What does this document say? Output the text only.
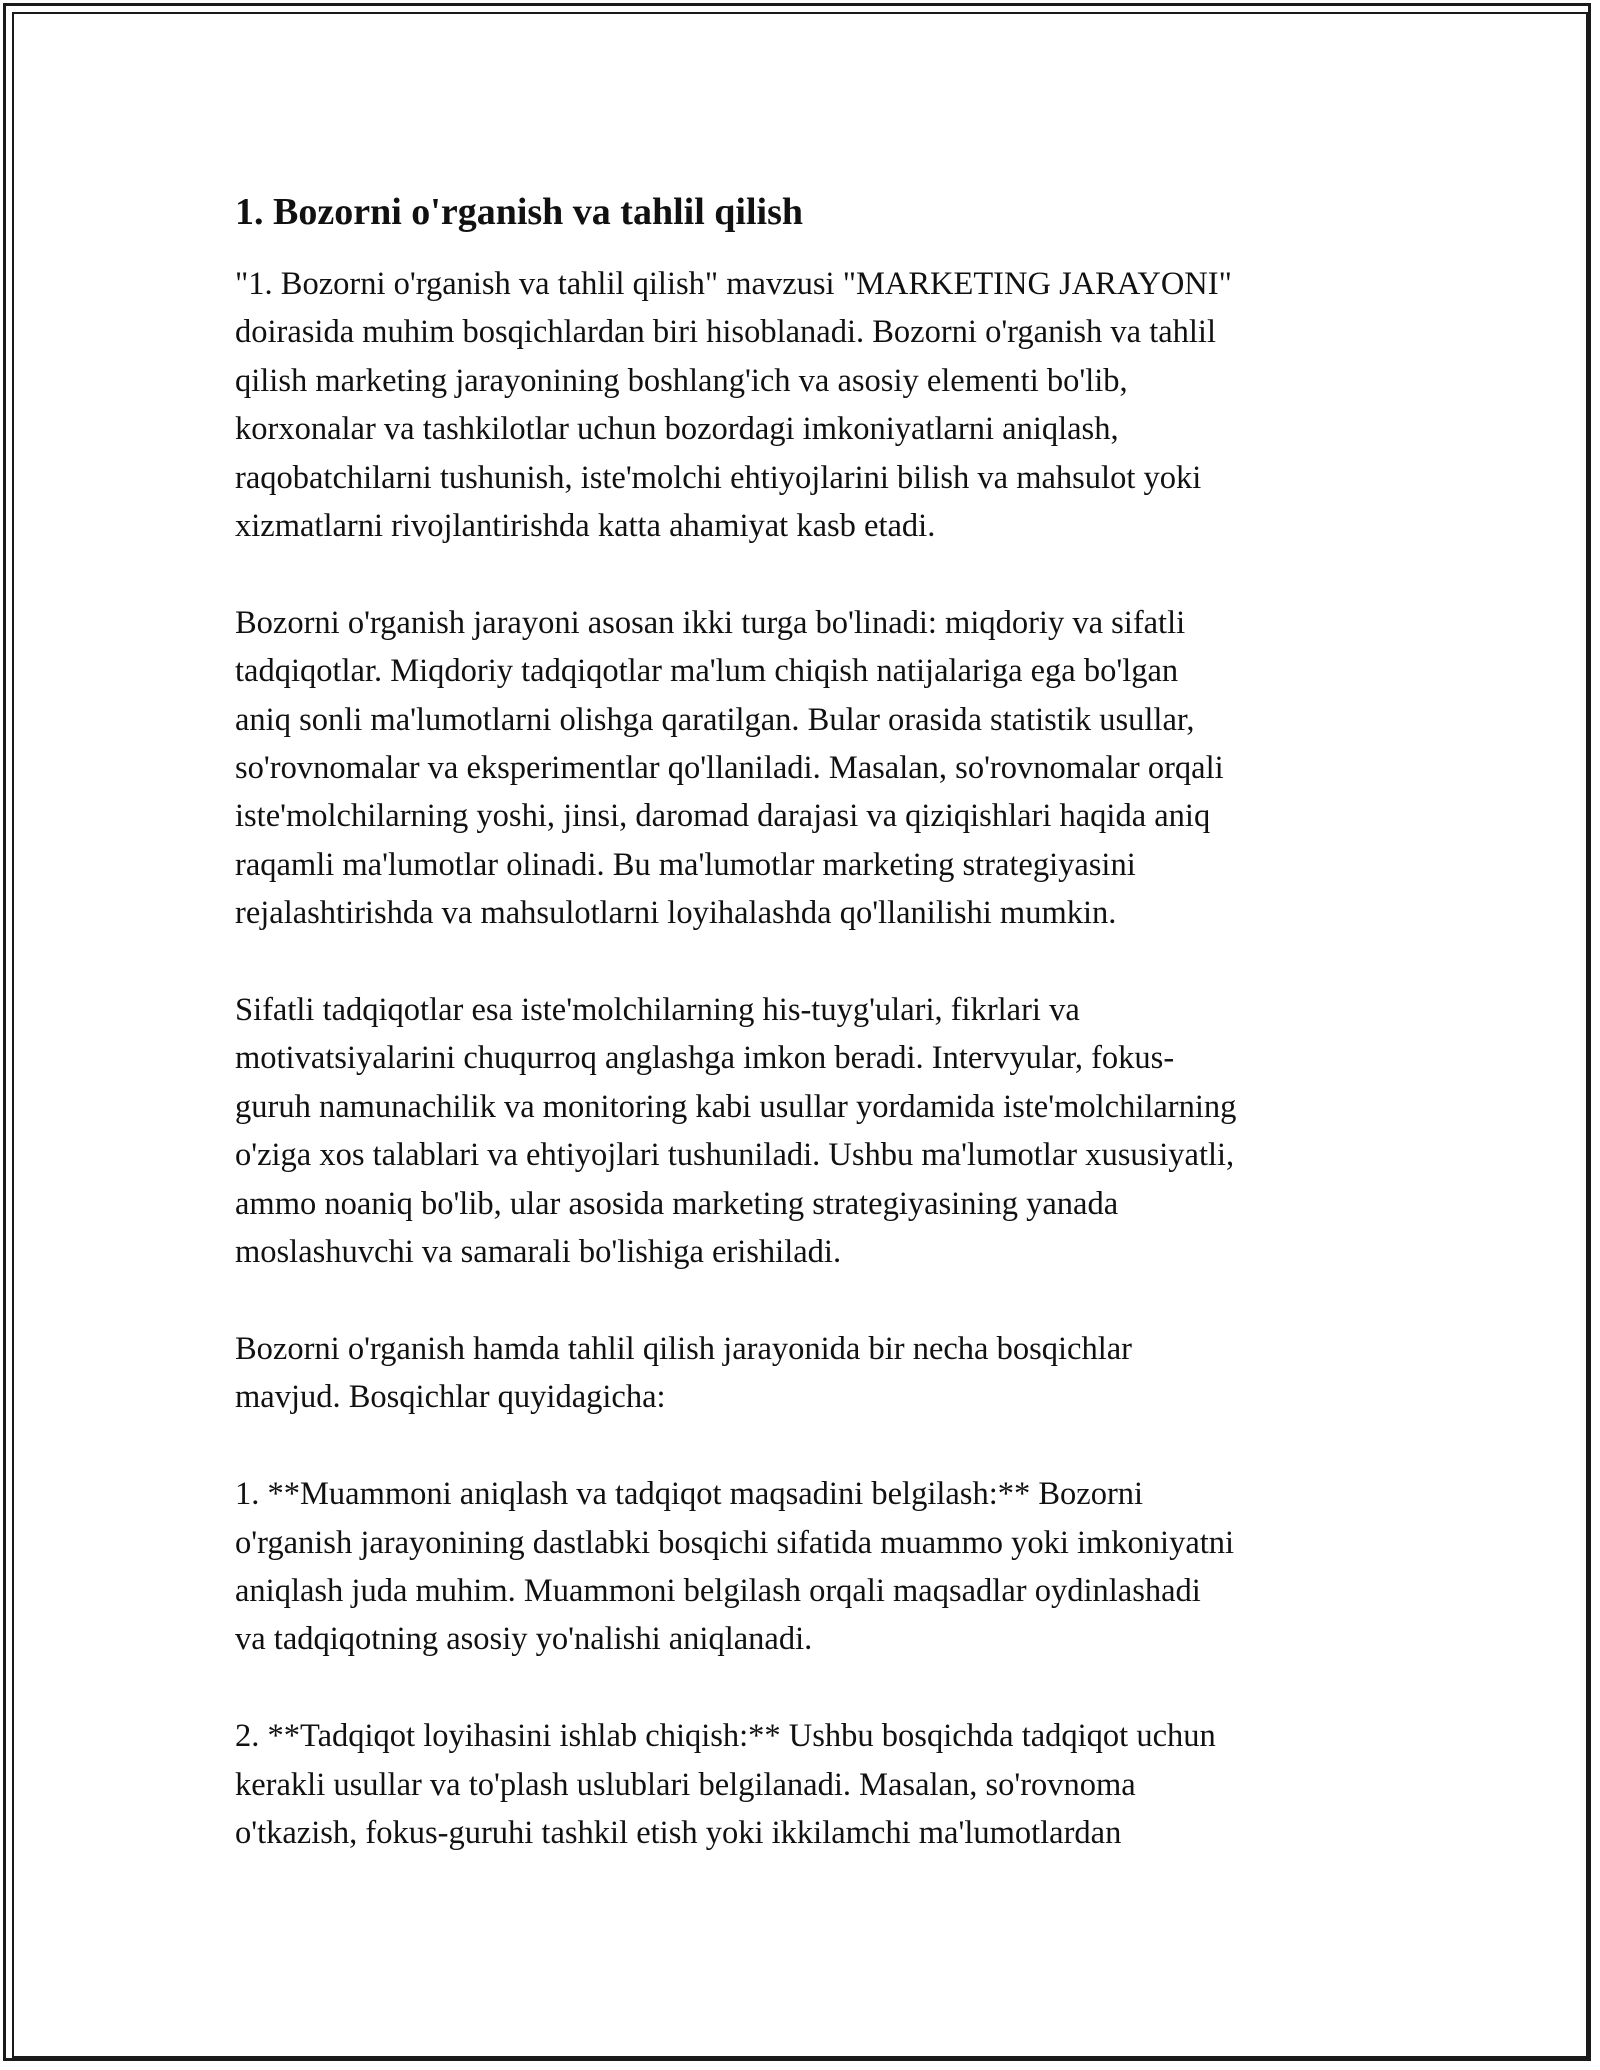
1. Bozorni o'rganish va tahlil qilish

"1. Bozorni o'rganish va tahlil qilish" mavzusi "MARKETING JARAYONI"
doirasida muhim bosqichlardan biri hisoblanadi. Bozorni o'rganish va tahlil
qilish marketing jarayonining boshlang'ich va asosiy elementi bo'lib,
korxonalar va tashkilotlar uchun bozordagi imkoniyatlarni aniqlash,
raqobatchilarni tushunish, iste'molchi ehtiyojlarini bilish va mahsulot yoki
xizmatlarni rivojlantirishda katta ahamiyat kasb etadi.

Bozorni o'rganish jarayoni asosan ikki turga bo'linadi: miqdoriy va sifatli
tadqiqotlar. Miqdoriy tadqiqotlar ma'lum chiqish natijalariga ega bo'lgan
aniq sonli ma'lumotlarni olishga qaratilgan. Bular orasida statistik usullar,
so'rovnomalar va eksperimentlar qo'llaniladi. Masalan, so'rovnomalar orqali
iste'molchilarning yoshi, jinsi, daromad darajasi va qiziqishlari haqida aniq
raqamli ma'lumotlar olinadi. Bu ma'lumotlar marketing strategiyasini
rejalashtirishda va mahsulotlarni loyihalashda qo'llanilishi mumkin.

Sifatli tadqiqotlar esa iste'molchilarning his-tuyg'ulari, fikrlari va
motivatsiyalarini chuqurroq anglashga imkon beradi. Intervyular, fokus-
guruh namunachilik va monitoring kabi usullar yordamida iste'molchilarning
o'ziga xos talablari va ehtiyojlari tushuniladi. Ushbu ma'lumotlar xususiyatli,
ammo noaniq bo'lib, ular asosida marketing strategiyasining yanada
moslashuvchi va samarali bo'lishiga erishiladi.

Bozorni o'rganish hamda tahlil qilish jarayonida bir necha bosqichlar
mavjud. Bosqichlar quyidagicha:

1. **Muammoni aniqlash va tadqiqot maqsadini belgilash:** Bozorni
o'rganish jarayonining dastlabki bosqichi sifatida muammo yoki imkoniyatni
aniqlash juda muhim. Muammoni belgilash orqali maqsadlar oydinlashadi
va tadqiqotning asosiy yo'nalishi aniqlanadi.

2. **Tadqiqot loyihasini ishlab chiqish:** Ushbu bosqichda tadqiqot uchun
kerakli usullar va to'plash uslublari belgilanadi. Masalan, so'rovnoma
o'tkazish, fokus-guruhi tashkil etish yoki ikkilamchi ma'lumotlardan
